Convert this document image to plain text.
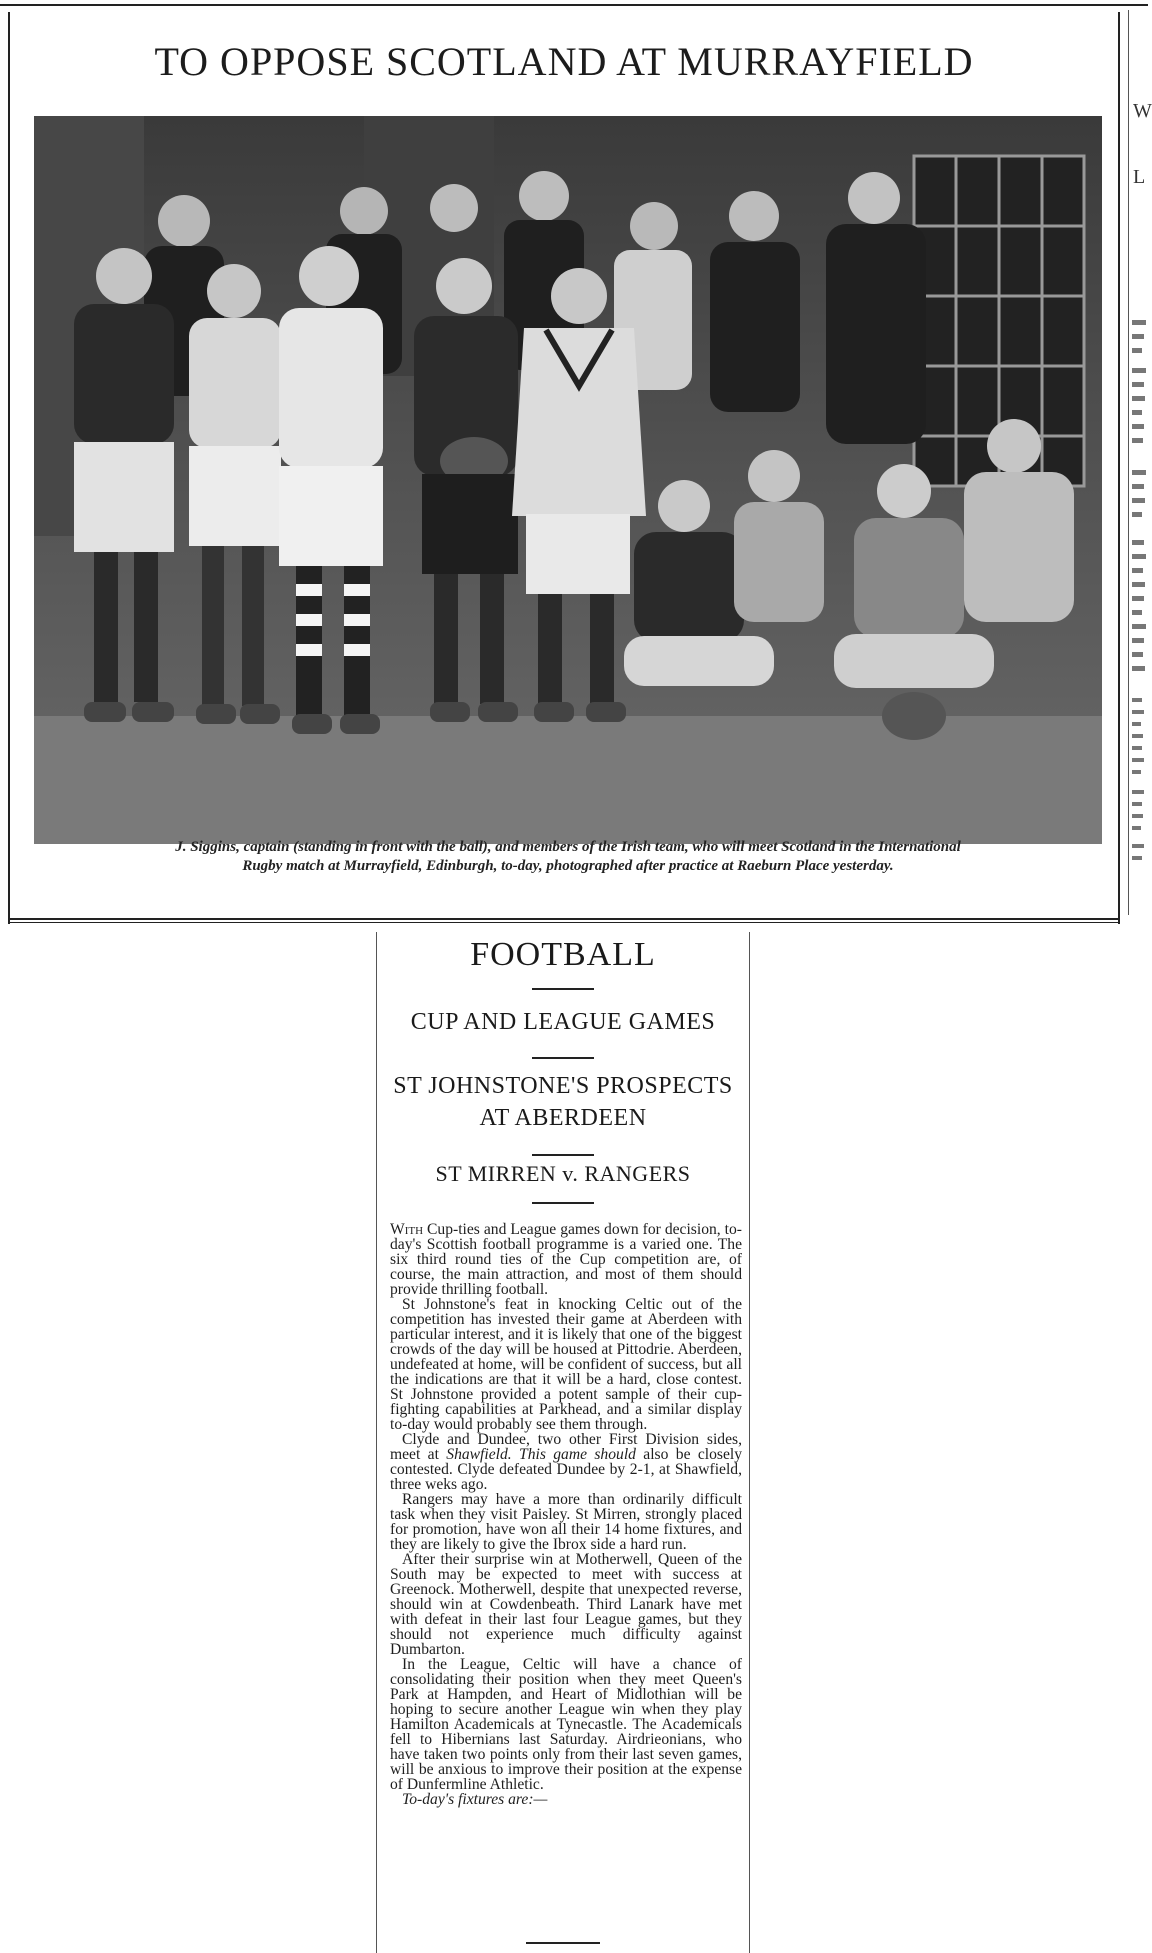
TO OPPOSE SCOTLAND AT MURRAYFIELD
J. Siggins, captain (standing in front with the ball), and members of the Irish team, who will meet Scotland in the International
Rugby match at Murrayfield, Edinburgh, to-day, photographed after practice at Raeburn Place yesterday.
W
L
FOOTBALL
CUP AND LEAGUE GAMES
ST JOHNSTONE'S PROSPECTS
AT ABERDEEN
ST MIRREN v. RANGERS

With Cup-ties and League games down for decision, to-day's Scottish football programme is a varied one. The six third round ties of the Cup competition are, of course, the main attraction, and most of them should provide thrilling football.

St Johnstone's feat in knocking Celtic out of the competition has invested their game at Aberdeen with particular interest, and it is likely that one of the biggest crowds of the day will be housed at Pittodrie. Aberdeen, undefeated at home, will be confident of success, but all the indications are that it will be a hard, close contest. St Johnstone provided a potent sample of their cup-fighting capabilities at Parkhead, and a similar display to-day would probably see them through.

Clyde and Dundee, two other First Division sides, meet at Shawfield. This game should also be closely contested. Clyde defeated Dundee by 2-1, at Shawfield, three weks ago.

Rangers may have a more than ordinarily difficult task when they visit Paisley. St Mirren, strongly placed for promotion, have won all their 14 home fixtures, and they are likely to give the Ibrox side a hard run.

After their surprise win at Motherwell, Queen of the South may be expected to meet with success at Greenock. Motherwell, despite that unexpected reverse, should win at Cowdenbeath. Third Lanark have met with defeat in their last four League games, but they should not experience much difficulty against Dumbarton.

In the League, Celtic will have a chance of consolidating their position when they meet Queen's Park at Hampden, and Heart of Midlothian will be hoping to secure another League win when they play Hamilton Academicals at Tynecastle. The Academicals fell to Hibernians last Saturday. Airdrieonians, who have taken two points only from their last seven games, will be anxious to improve their position at the expense of Dunfermline Athletic.

To-day's fixtures are:—
